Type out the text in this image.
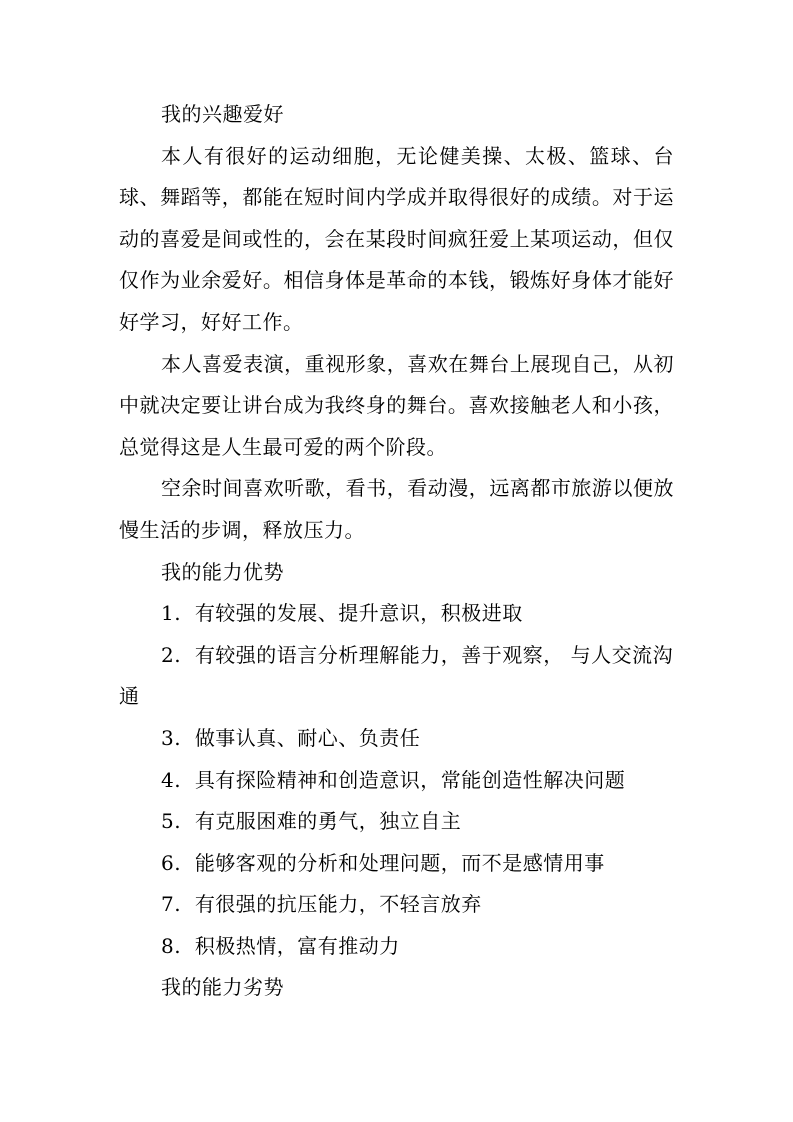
我的兴趣爱好

本人有很好的运动细胞，无论健美操、太极、篮球、台球、舞蹈等，都能在短时间内学成并取得很好的成绩。对于运动的喜爱是间或性的，会在某段时间疯狂爱上某项运动，但仅仅作为业余爱好。相信身体是革命的本钱，锻炼好身体才能好好学习，好好工作。

本人喜爱表演，重视形象，喜欢在舞台上展现自己，从初中就决定要让讲台成为我终身的舞台。喜欢接触老人和小孩，总觉得这是人生最可爱的两个阶段。

空余时间喜欢听歌，看书，看动漫，远离都市旅游以便放慢生活的步调，释放压力。

我的能力优势

1. 有较强的发展、提升意识，积极进取

2. 有较强的语言分析理解能力，善于观察， 与人交流沟通

3. 做事认真、耐心、负责任

4. 具有探险精神和创造意识，常能创造性解决问题

5. 有克服困难的勇气，独立自主

6. 能够客观的分析和处理问题，而不是感情用事

7. 有很强的抗压能力，不轻言放弃

8. 积极热情，富有推动力

我的能力劣势
